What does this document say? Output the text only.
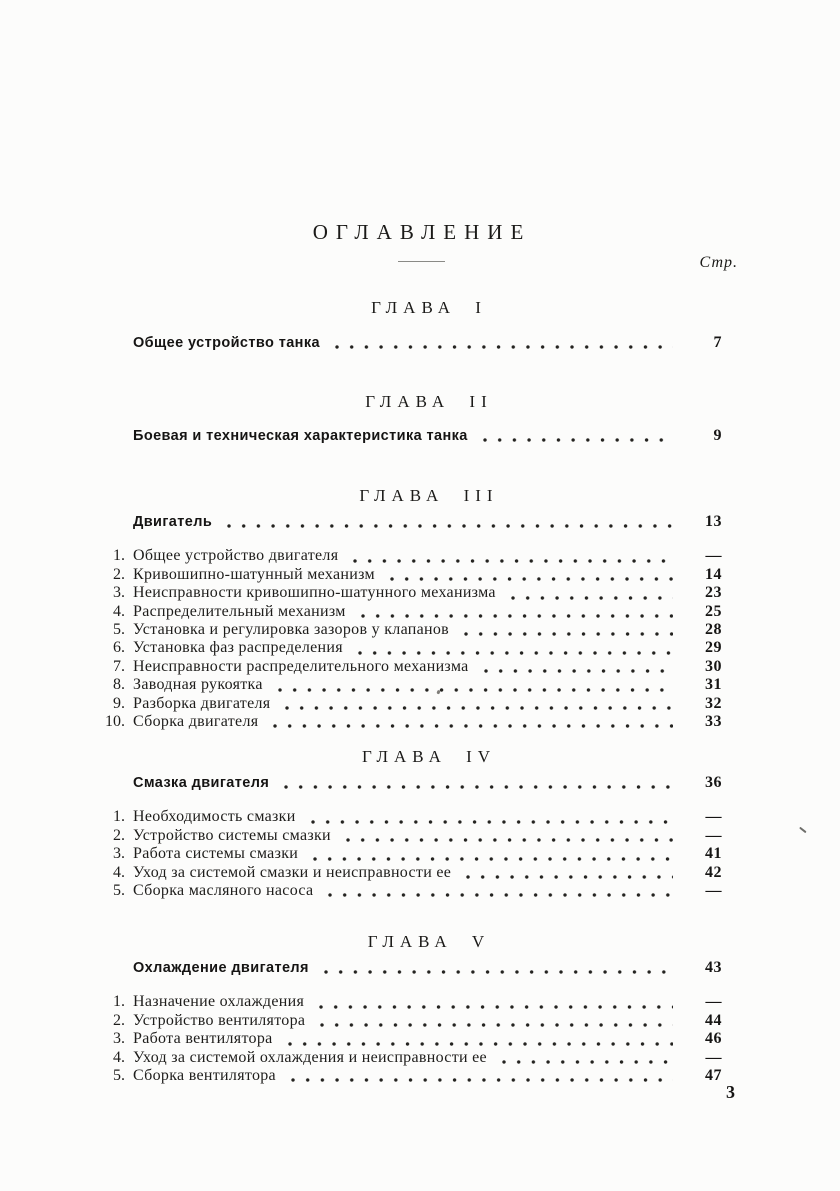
ОГЛАВЛЕНИЕ
Стр.
ГЛАВА I
Общее устройство танка	7
ГЛАВА II
Боевая и техническая характеристика танка	9
ГЛАВА III
Двигатель	13
1. Общее устройство двигателя	—
2. Кривошипно-шатунный механизм	14
3. Неисправности кривошипно-шатунного механизма	23
4. Распределительный механизм	25
5. Установка и регулировка зазоров у клапанов	28
6. Установка фаз распределения	29
7. Неисправности распределительного механизма	30
8. Заводная рукоятка	31
9. Разборка двигателя	32
10. Сборка двигателя	33
ГЛАВА IV
Смазка двигателя	36
1. Необходимость смазки	—
2. Устройство системы смазки	—
3. Работа системы смазки	41
4. Уход за системой смазки и неисправности ее	42
5. Сборка масляного насоса	—
ГЛАВА V
Охлаждение двигателя	43
1. Назначение охлаждения	—
2. Устройство вентилятора	44
3. Работа вентилятора	46
4. Уход за системой охлаждения и неисправности ее	—
5. Сборка вентилятора	47
3
